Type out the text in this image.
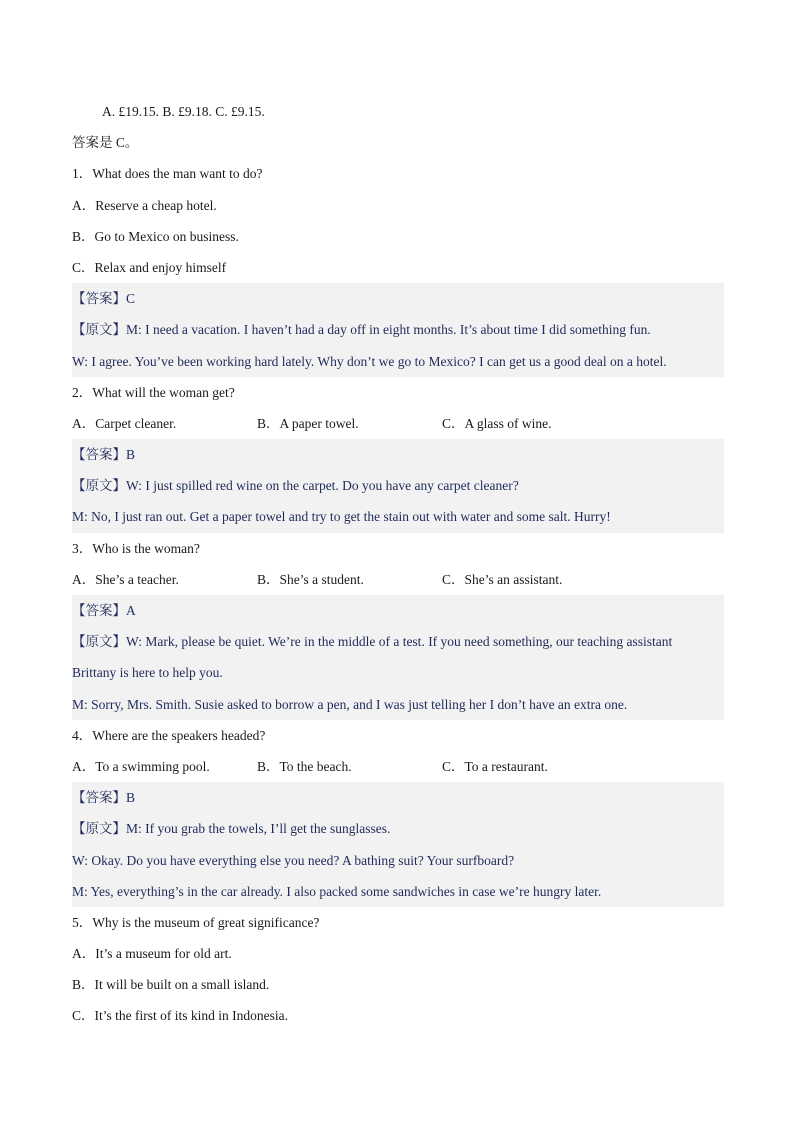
A. £19.15. B. £9.18. C. £9.15.
答案是 C。
1．What does the man want to do?
A．Reserve a cheap hotel.
B．Go to Mexico on business.
C．Relax and enjoy himself
【答案】C
【原文】M: I need a vacation. I haven’t had a day off in eight months. It’s about time I did something fun.
W: I agree. You’ve been working hard lately. Why don’t we go to Mexico? I can get us a good deal on a hotel.
2．What will the woman get?
A．Carpet cleaner.	B．A paper towel.	C．A glass of wine.
【答案】B
【原文】W: I just spilled red wine on the carpet. Do you have any carpet cleaner?
M: No, I just ran out. Get a paper towel and try to get the stain out with water and some salt. Hurry!
3．Who is the woman?
A．She’s a teacher.	B．She’s a student.	C．She’s an assistant.
【答案】A
【原文】W: Mark, please be quiet. We’re in the middle of a test. If you need something, our teaching assistant
Brittany is here to help you.
M: Sorry, Mrs. Smith. Susie asked to borrow a pen, and I was just telling her I don’t have an extra one.
4．Where are the speakers headed?
A．To a swimming pool.	B．To the beach.	C．To a restaurant.
【答案】B
【原文】M: If you grab the towels, I’ll get the sunglasses.
W: Okay. Do you have everything else you need? A bathing suit? Your surfboard?
M: Yes, everything’s in the car already. I also packed some sandwiches in case we’re hungry later.
5．Why is the museum of great significance?
A．It’s a museum for old art.
B．It will be built on a small island.
C．It’s the first of its kind in Indonesia.
